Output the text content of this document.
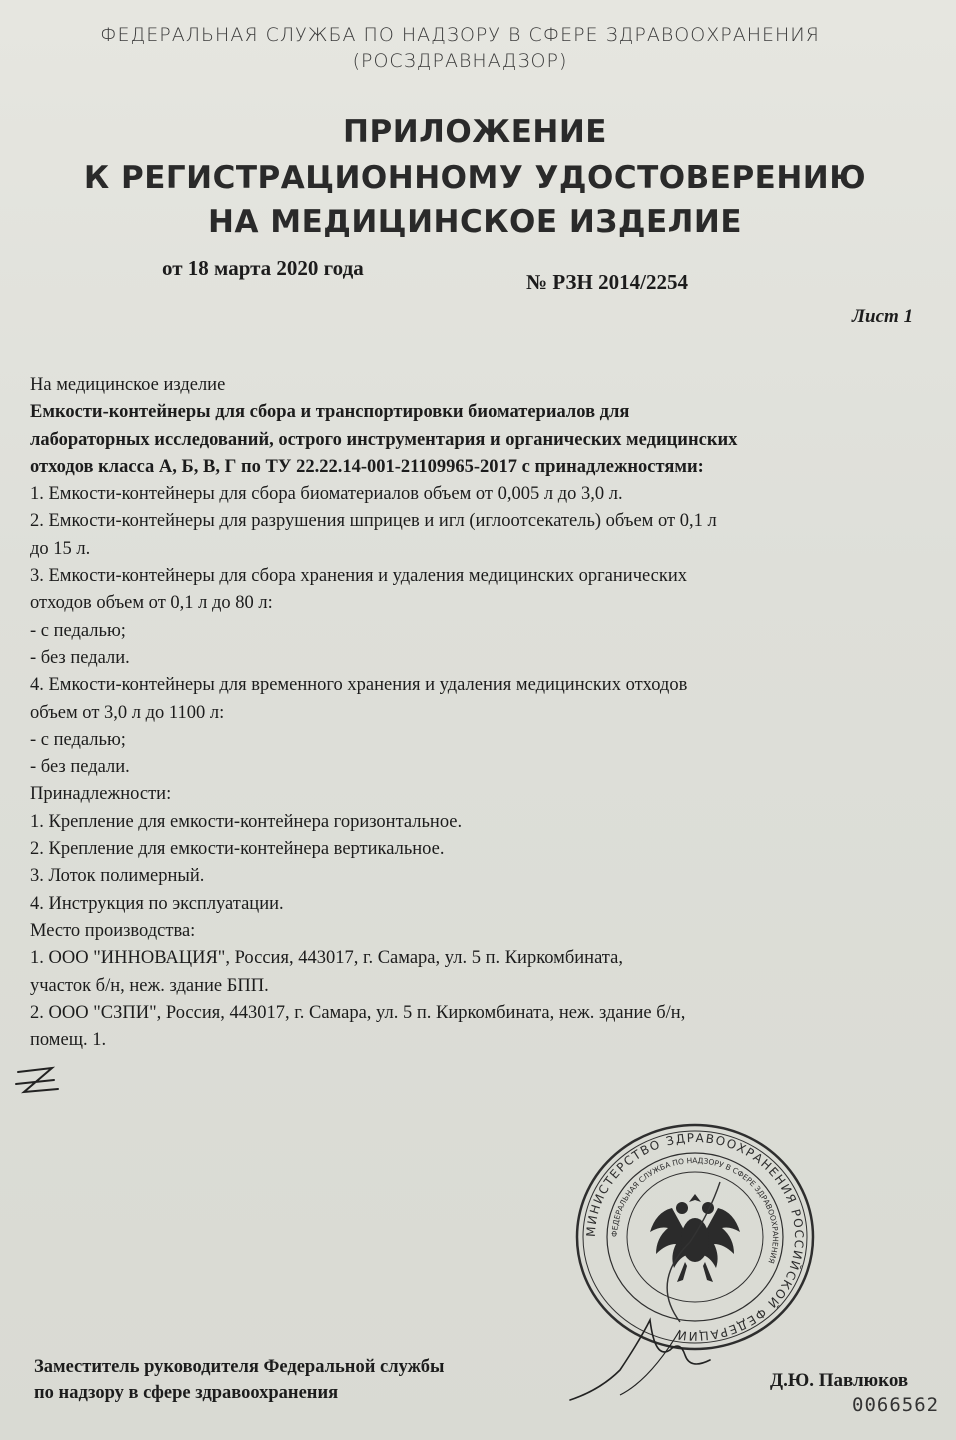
ФЕДЕРАЛЬНАЯ СЛУЖБА ПО НАДЗОРУ В СФЕРЕ ЗДРАВООХРАНЕНИЯ
(РОСЗДРАВНАДЗОР)
ПРИЛОЖЕНИЕ
К РЕГИСТРАЦИОННОМУ УДОСТОВЕРЕНИЮ
НА МЕДИЦИНСКОЕ ИЗДЕЛИЕ
от 18 марта 2020 года
№ РЗН 2014/2254
Лист 1
На медицинское изделие
Емкости-контейнеры для сбора и транспортировки биоматериалов для
лабораторных исследований, острого инструментария и органических медицинских
отходов класса А, Б, В, Г по ТУ 22.22.14-001-21109965-2017 с принадлежностями:
1. Емкости-контейнеры для сбора биоматериалов объем от 0,005 л до 3,0 л.
2. Емкости-контейнеры для разрушения шприцев и игл (иглоотсекатель) объем от 0,1 л
до 15 л.
3. Емкости-контейнеры для сбора хранения и удаления медицинских органических
отходов объем от 0,1 л до 80 л:
- с педалью;
- без педали.
4. Емкости-контейнеры для временного хранения и удаления медицинских отходов
объем от 3,0 л до 1100 л:
- с педалью;
- без педали.
Принадлежности:
1. Крепление для емкости-контейнера горизонтальное.
2. Крепление для емкости-контейнера вертикальное.
3. Лоток полимерный.
4. Инструкция по эксплуатации.
Место производства:
1. ООО "ИННОВАЦИЯ", Россия, 443017, г. Самара, ул. 5 п. Киркомбината,
участок б/н, неж. здание БПП.
2. ООО "СЗПИ", Россия, 443017, г. Самара, ул. 5 п. Киркомбината, неж. здание б/н,
помещ. 1.
МИНИСТЕРСТВО ЗДРАВООХРАНЕНИЯ РОССИЙСКОЙ ФЕДЕРАЦИИ
ФЕДЕРАЛЬНАЯ СЛУЖБА ПО НАДЗОРУ В СФЕРЕ ЗДРАВООХРАНЕНИЯ
Заместитель руководителя Федеральной службы
по надзору в сфере здравоохранения
Д.Ю. Павлюков
0066562
